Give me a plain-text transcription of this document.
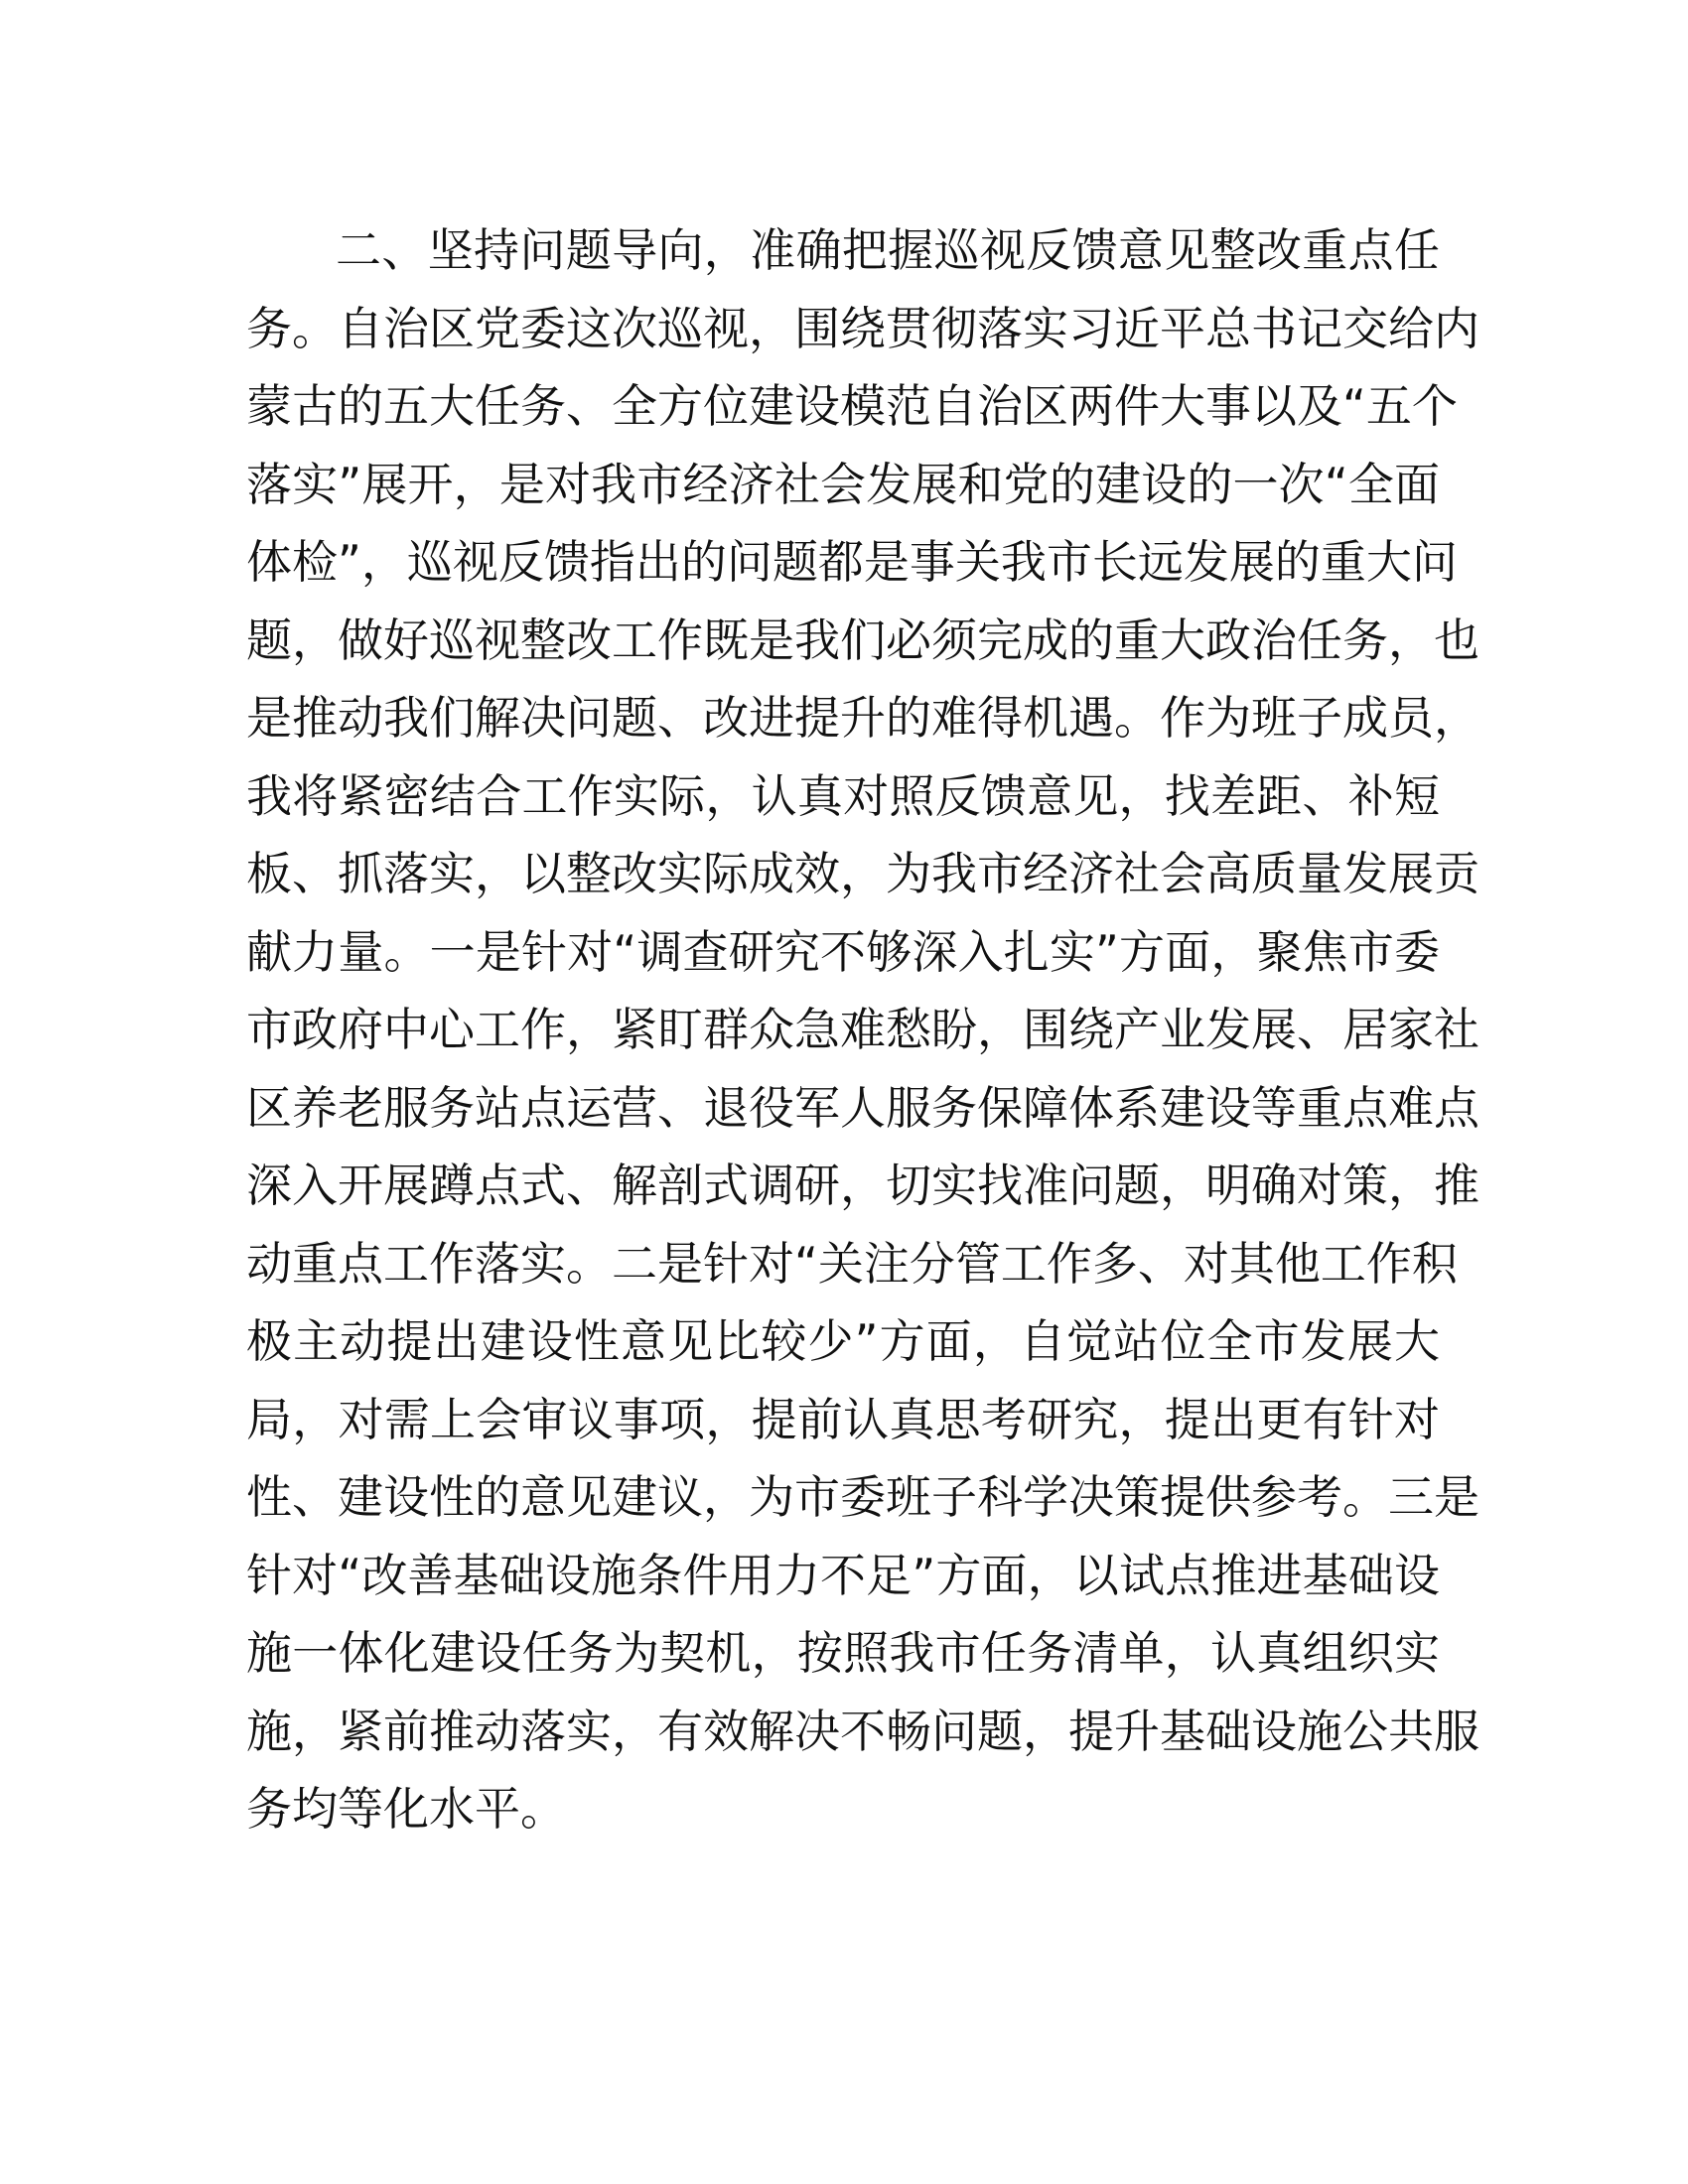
二、坚持问题导向，准确把握巡视反馈意见整改重点任
务。自治区党委这次巡视，围绕贯彻落实习近平总书记交给内
蒙古的五大任务、全方位建设模范自治区两件大事以及“五个
落实”展开，是对我市经济社会发展和党的建设的一次“全面
体检”，巡视反馈指出的问题都是事关我市长远发展的重大问
题，做好巡视整改工作既是我们必须完成的重大政治任务，也
是推动我们解决问题、改进提升的难得机遇。作为班子成员，
我将紧密结合工作实际，认真对照反馈意见，找差距、补短
板、抓落实，以整改实际成效，为我市经济社会高质量发展贡
献力量。一是针对“调查研究不够深入扎实”方面，聚焦市委
市政府中心工作，紧盯群众急难愁盼，围绕产业发展、居家社
区养老服务站点运营、退役军人服务保障体系建设等重点难点
深入开展蹲点式、解剖式调研，切实找准问题，明确对策，推
动重点工作落实。二是针对“关注分管工作多、对其他工作积
极主动提出建设性意见比较少”方面，自觉站位全市发展大
局，对需上会审议事项，提前认真思考研究，提出更有针对
性、建设性的意见建议，为市委班子科学决策提供参考。三是
针对“改善基础设施条件用力不足”方面，以试点推进基础设
施一体化建设任务为契机，按照我市任务清单，认真组织实
施，紧前推动落实，有效解决不畅问题，提升基础设施公共服
务均等化水平。
